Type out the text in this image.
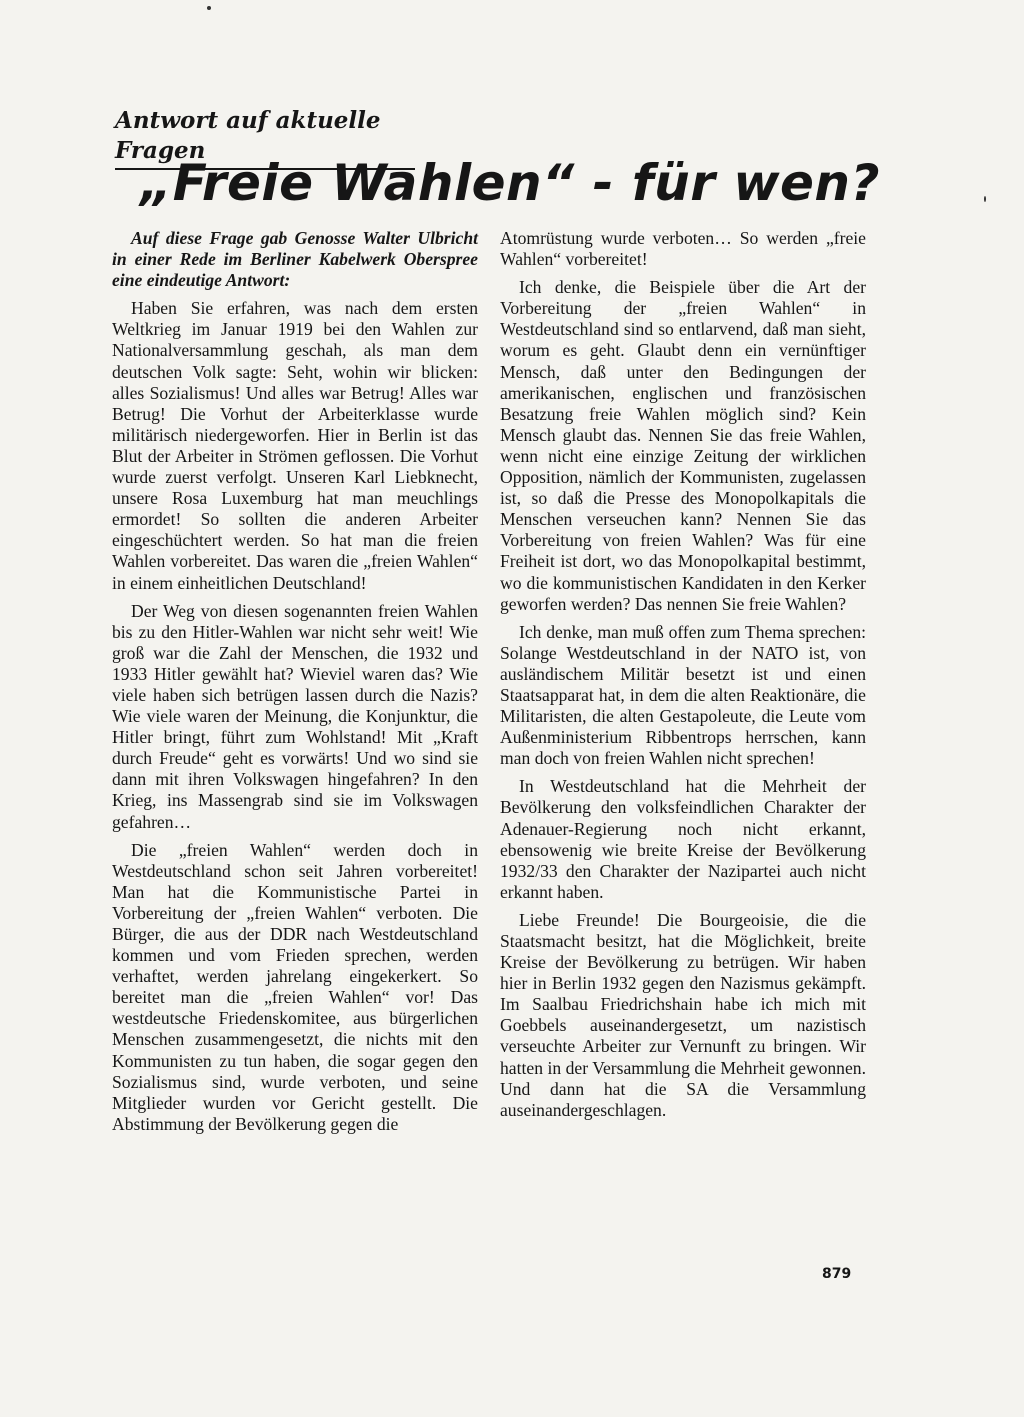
Antwort auf aktuelle Fragen
„Freie Wahlen“ - für wen?

Auf diese Frage gab Genosse Walter Ulbricht in einer Rede im Berliner Kabelwerk Oberspree eine eindeutige Antwort:

Haben Sie erfahren, was nach dem ersten Weltkrieg im Januar 1919 bei den Wahlen zur Nationalversammlung geschah, als man dem deutschen Volk sagte: Seht, wohin wir blicken: alles Sozialismus! Und alles war Betrug! Alles war Betrug! Die Vorhut der Arbeiterklasse wurde militärisch niedergeworfen. Hier in Berlin ist das Blut der Arbeiter in Strömen geflossen. Die Vorhut wurde zuerst verfolgt. Unseren Karl Liebknecht, unsere Rosa Luxemburg hat man meuchlings ermordet! So sollten die anderen Arbeiter eingeschüchtert werden. So hat man die freien Wahlen vorbereitet. Das waren die „freien Wahlen“ in einem einheitlichen Deutschland!

Der Weg von diesen sogenannten freien Wahlen bis zu den Hitler-Wahlen war nicht sehr weit! Wie groß war die Zahl der Menschen, die 1932 und 1933 Hitler gewählt hat? Wieviel waren das? Wie viele haben sich betrügen lassen durch die Nazis? Wie viele waren der Meinung, die Konjunktur, die Hitler bringt, führt zum Wohlstand! Mit „Kraft durch Freude“ geht es vorwärts! Und wo sind sie dann mit ihren Volkswagen hingefahren? In den Krieg, ins Massengrab sind sie im Volkswagen gefahren…

Die „freien Wahlen“ werden doch in Westdeutschland schon seit Jahren vorbereitet! Man hat die Kommunistische Partei in Vorbereitung der „freien Wahlen“ verboten. Die Bürger, die aus der DDR nach Westdeutschland kommen und vom Frieden sprechen, werden verhaftet, werden jahrelang eingekerkert. So bereitet man die „freien Wahlen“ vor! Das westdeutsche Friedenskomitee, aus bürgerlichen Menschen zusammengesetzt, die nichts mit den Kommunisten zu tun haben, die sogar gegen den Sozialismus sind, wurde verboten, und seine Mitglieder wurden vor Gericht gestellt. Die Abstimmung der Bevölkerung gegen die

Atomrüstung wurde verboten… So werden „freie Wahlen“ vorbereitet!

Ich denke, die Beispiele über die Art der Vorbereitung der „freien Wahlen“ in Westdeutschland sind so entlarvend, daß man sieht, worum es geht. Glaubt denn ein vernünftiger Mensch, daß unter den Bedingungen der amerikanischen, englischen und französischen Besatzung freie Wahlen möglich sind? Kein Mensch glaubt das. Nennen Sie das freie Wahlen, wenn nicht eine einzige Zeitung der wirklichen Opposition, nämlich der Kommunisten, zugelassen ist, so daß die Presse des Monopolkapitals die Menschen verseuchen kann? Nennen Sie das Vorbereitung von freien Wahlen? Was für eine Freiheit ist dort, wo das Monopolkapital bestimmt, wo die kommunistischen Kandidaten in den Kerker geworfen werden? Das nennen Sie freie Wahlen?

Ich denke, man muß offen zum Thema sprechen: Solange Westdeutschland in der NATO ist, von ausländischem Militär besetzt ist und einen Staatsapparat hat, in dem die alten Reaktionäre, die Militaristen, die alten Gestapoleute, die Leute vom Außenministerium Ribbentrops herrschen, kann man doch von freien Wahlen nicht sprechen!

In Westdeutschland hat die Mehrheit der Bevölkerung den volksfeindlichen Charakter der Adenauer-Regierung noch nicht erkannt, ebensowenig wie breite Kreise der Bevölkerung 1932/33 den Charakter der Nazipartei auch nicht erkannt haben.

Liebe Freunde! Die Bourgeoisie, die die Staatsmacht besitzt, hat die Möglichkeit, breite Kreise der Bevölkerung zu betrügen. Wir haben hier in Berlin 1932 gegen den Nazismus gekämpft. Im Saalbau Friedrichshain habe ich mich mit Goebbels auseinandergesetzt, um nazistisch verseuchte Arbeiter zur Vernunft zu bringen. Wir hatten in der Versammlung die Mehrheit gewonnen. Und dann hat die SA die Versammlung auseinandergeschlagen.

879
